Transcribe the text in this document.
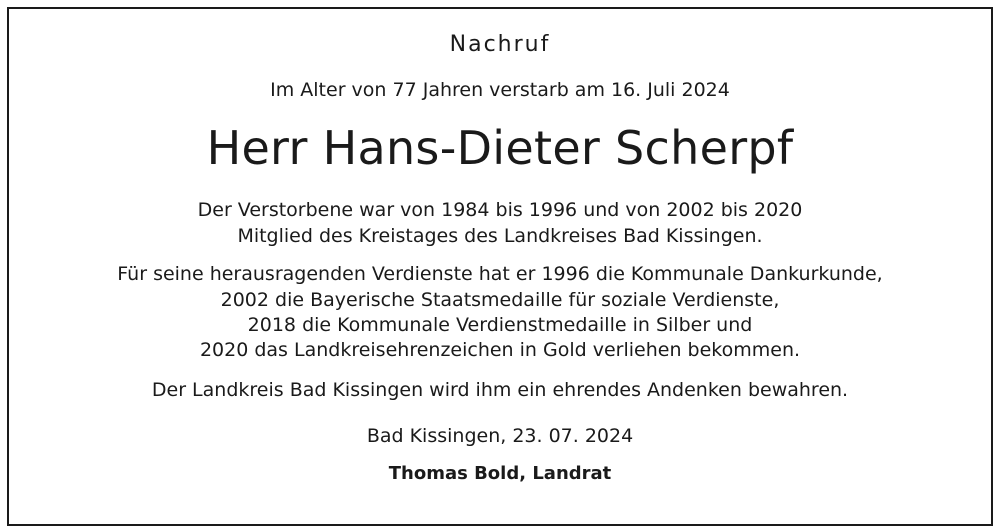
Nachruf
Im Alter von 77 Jahren verstarb am 16. Juli 2024
Herr Hans-Dieter Scherpf
Der Verstorbene war von 1984 bis 1996 und von 2002 bis 2020
Mitglied des Kreistages des Landkreises Bad Kissingen.
Für seine herausragenden Verdienste hat er 1996 die Kommunale Dankurkunde,
2002 die Bayerische Staatsmedaille für soziale Verdienste,
2018 die Kommunale Verdienstmedaille in Silber und
2020 das Landkreisehrenzeichen in Gold verliehen bekommen.
Der Landkreis Bad Kissingen wird ihm ein ehrendes Andenken bewahren.
Bad Kissingen, 23. 07. 2024
Thomas Bold, Landrat
